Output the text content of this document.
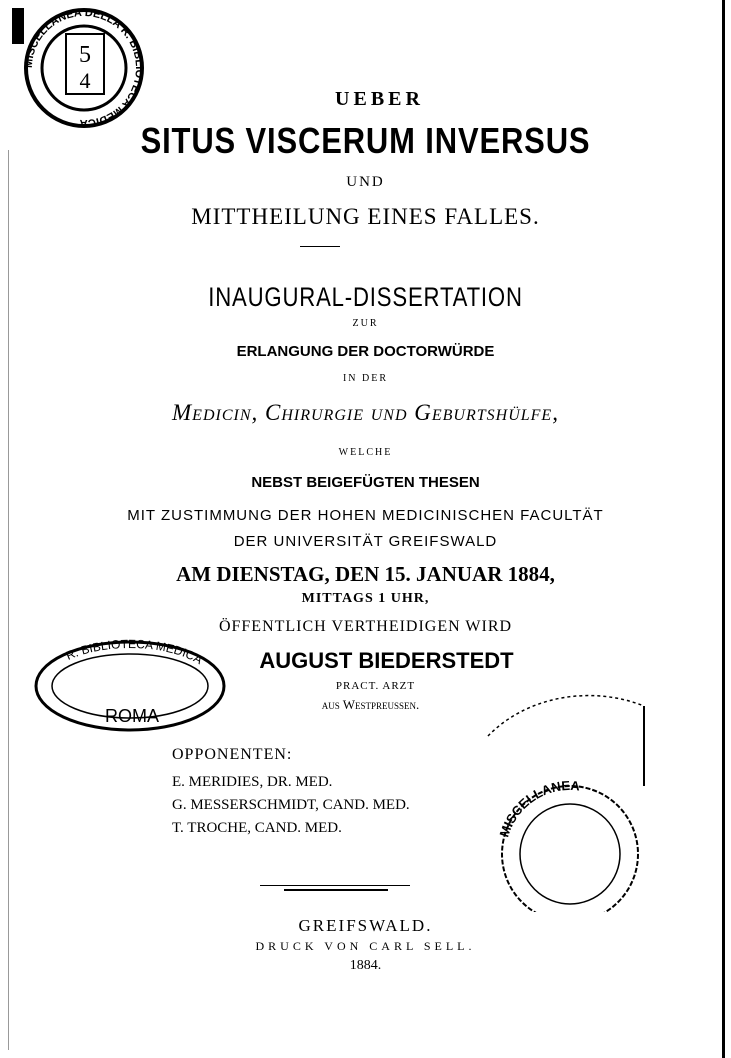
MISCELLANEA DELLA R. BIBLIOTECA MEDICA
5
4
UEBER
SITUS VISCERUM INVERSUS
UND
MITTHEILUNG EINES FALLES.
INAUGURAL-DISSERTATION
ZUR
ERLANGUNG DER DOCTORWÜRDE
IN DER
Medicin, Chirurgie und Geburtshülfe,
WELCHE
NEBST BEIGEFÜGTEN THESEN
MIT ZUSTIMMUNG DER HOHEN MEDICINISCHEN FACULTÄT
DER UNIVERSITÄT GREIFSWALD
AM DIENSTAG, DEN 15. JANUAR 1884,
MITTAGS 1 UHR,
ÖFFENTLICH VERTHEIDIGEN WIRD
R. BIBLIOTECA MEDICA
ROMA
AUGUST BIEDERSTEDT
PRACT. ARZT
aus Westpreussen.
MISCELLANEA
OPPONENTEN:
E. MERIDIES, DR. MED.
G. MESSERSCHMIDT, CAND. MED.
T. TROCHE, CAND. MED.
GREIFSWALD.
DRUCK VON CARL SELL.
1884.
